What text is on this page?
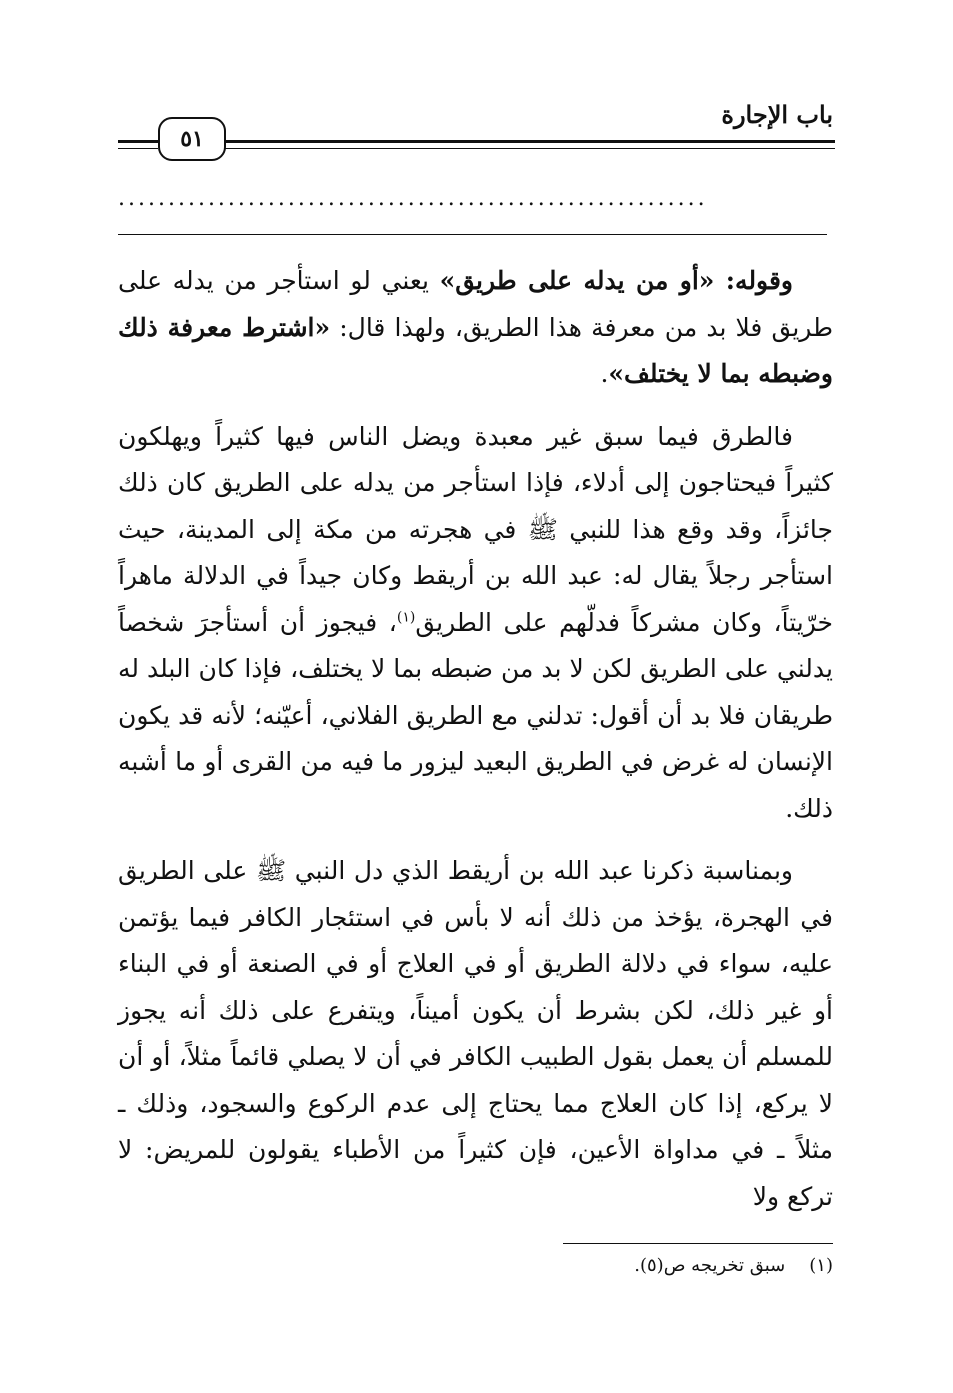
باب الإجارة
٥١
...........................................................

وقوله: «أو من يدله على طريق» يعني لو استأجر من يدله على طريق فلا بد من معرفة هذا الطريق، ولهذا قال: «اشترط معرفة ذلك وضبطه بما لا يختلف».

فالطرق فيما سبق غير معبدة ويضل الناس فيها كثيراً ويهلكون كثيراً فيحتاجون إلى أدلاء، فإذا استأجر من يدله على الطريق كان ذلك جائزاً، وقد وقع هذا للنبي ﷺ في هجرته من مكة إلى المدينة، حيث استأجر رجلاً يقال له: عبد الله بن أريقط وكان جيداً في الدلالة ماهراً خرّيتاً، وكان مشركاً فدلّهم على الطريق$^{(١)}$، فيجوز أن أستأجرَ شخصاً يدلني على الطريق لكن لا بد من ضبطه بما لا يختلف، فإذا كان البلد له طريقان فلا بد أن أقول: تدلني مع الطريق الفلاني، أعيّنه؛ لأنه قد يكون الإنسان له غرض في الطريق البعيد ليزور ما فيه من القرى أو ما أشبه ذلك.

وبمناسبة ذكرنا عبد الله بن أريقط الذي دل النبي ﷺ على الطريق في الهجرة، يؤخذ من ذلك أنه لا بأس في استئجار الكافر فيما يؤتمن عليه، سواء في دلالة الطريق أو في العلاج أو في الصنعة أو في البناء أو غير ذلك، لكن بشرط أن يكون أميناً، ويتفرع على ذلك أنه يجوز للمسلم أن يعمل بقول الطبيب الكافر في أن لا يصلي قائماً مثلاً، أو أن لا يركع، إذا كان العلاج مما يحتاج إلى عدم الركوع والسجود، وذلك ـ مثلاً ـ في مداواة الأعين، فإن كثيراً من الأطباء يقولون للمريض: لا تركع ولا

(١)سبق تخريجه ص(٥).
